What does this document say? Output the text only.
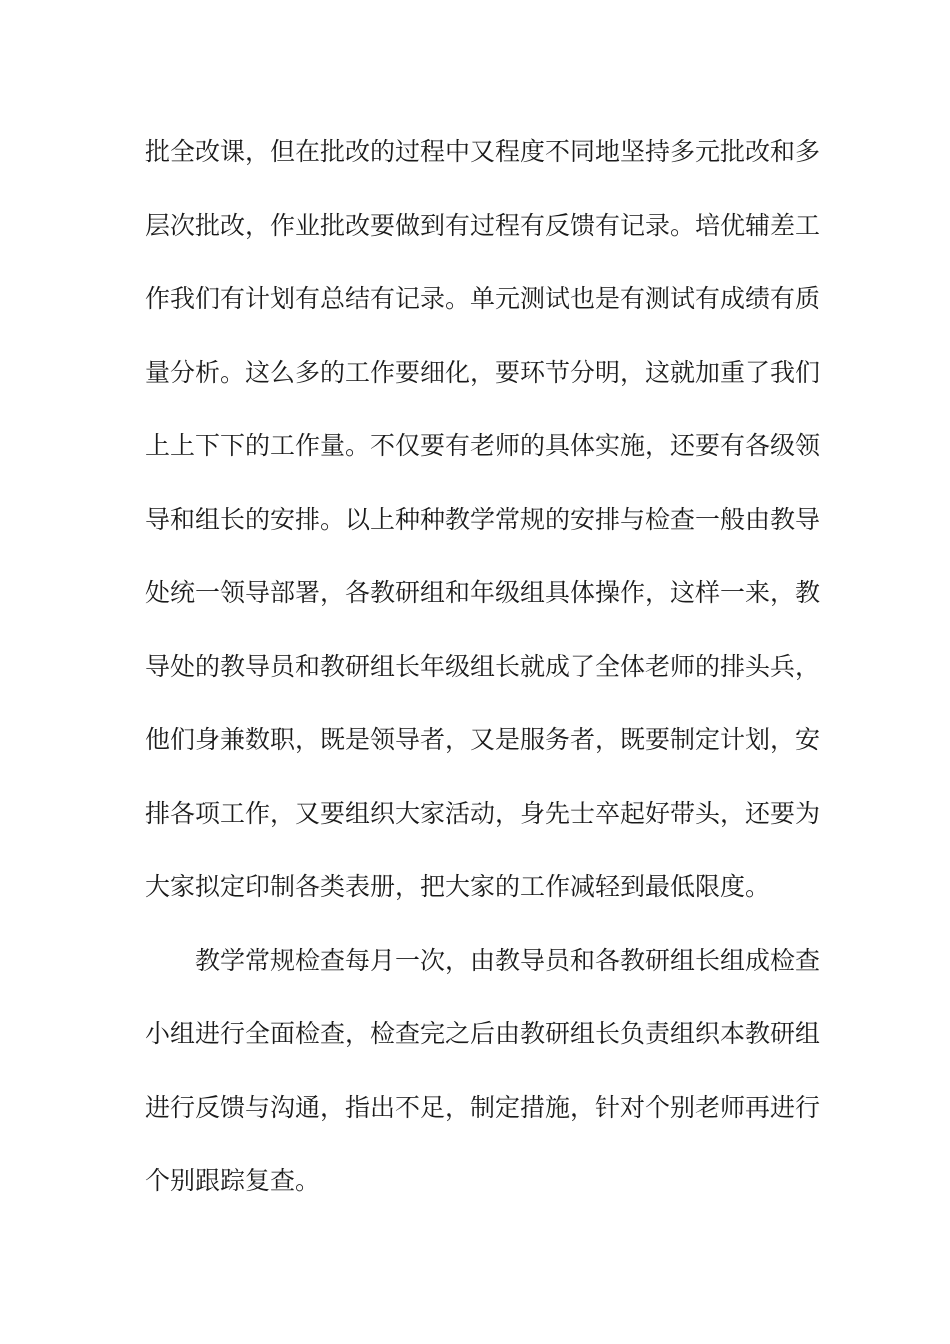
批全改课，但在批改的过程中又程度不同地坚持多元批改和多
层次批改，作业批改要做到有过程有反馈有记录。培优辅差工
作我们有计划有总结有记录。单元测试也是有测试有成绩有质
量分析。这么多的工作要细化，要环节分明，这就加重了我们
上上下下的工作量。不仅要有老师的具体实施，还要有各级领
导和组长的安排。以上种种教学常规的安排与检查一般由教导
处统一领导部署，各教研组和年级组具体操作，这样一来，教
导处的教导员和教研组长年级组长就成了全体老师的排头兵，
他们身兼数职，既是领导者，又是服务者，既要制定计划，安
排各项工作，又要组织大家活动，身先士卒起好带头，还要为
大家拟定印制各类表册，把大家的工作减轻到最低限度。
教学常规检查每月一次，由教导员和各教研组长组成检查
小组进行全面检查，检查完之后由教研组长负责组织本教研组
进行反馈与沟通，指出不足，制定措施，针对个别老师再进行
个别跟踪复查。
